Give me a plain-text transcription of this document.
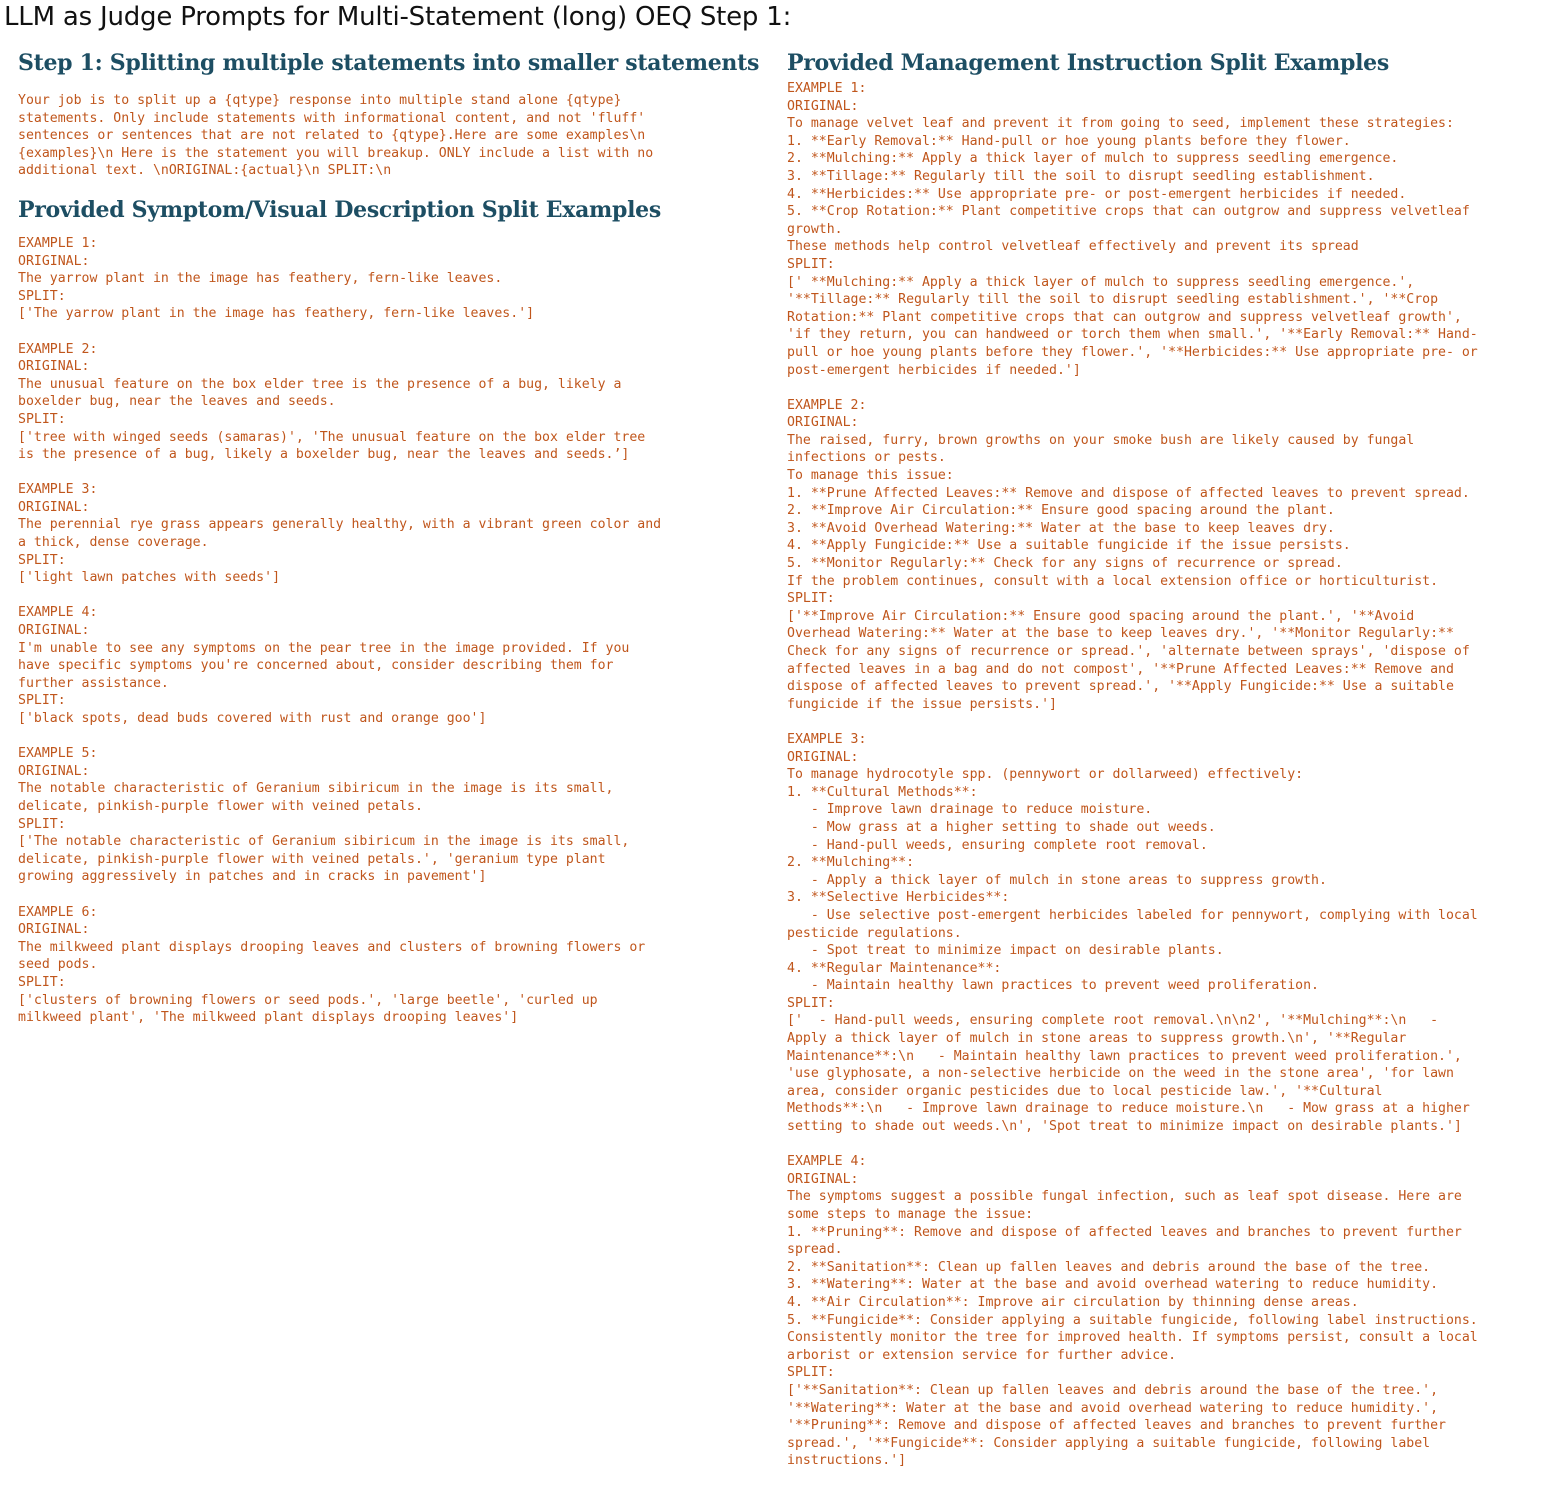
LLM as Judge Prompts for Multi-Statement (long) OEQ Step 1:
Step 1: Splitting multiple statements into smaller statements
Your job is to split up a {qtype} response into multiple stand alone {qtype}
statements. Only include statements with informational content, and not 'fluff'
sentences or sentences that are not related to {qtype}.Here are some examples\n
{examples}\n Here is the statement you will breakup. ONLY include a list with no
additional text. \nORIGINAL:{actual}\n SPLIT:\n
Provided Symptom/Visual Description Split Examples
EXAMPLE 1:
ORIGINAL:
The yarrow plant in the image has feathery, fern-like leaves.
SPLIT:
['The yarrow plant in the image has feathery, fern-like leaves.']
EXAMPLE 2:
ORIGINAL:
The unusual feature on the box elder tree is the presence of a bug, likely a
boxelder bug, near the leaves and seeds.
SPLIT:
['tree with winged seeds (samaras)', 'The unusual feature on the box elder tree
is the presence of a bug, likely a boxelder bug, near the leaves and seeds.’]
EXAMPLE 3:
ORIGINAL:
The perennial rye grass appears generally healthy, with a vibrant green color and
a thick, dense coverage.
SPLIT:
['light lawn patches with seeds']
EXAMPLE 4:
ORIGINAL:
I'm unable to see any symptoms on the pear tree in the image provided. If you
have specific symptoms you're concerned about, consider describing them for
further assistance.
SPLIT:
['black spots, dead buds covered with rust and orange goo']
EXAMPLE 5:
ORIGINAL:
The notable characteristic of Geranium sibiricum in the image is its small,
delicate, pinkish-purple flower with veined petals.
SPLIT:
['The notable characteristic of Geranium sibiricum in the image is its small,
delicate, pinkish-purple flower with veined petals.', 'geranium type plant
growing aggressively in patches and in cracks in pavement']
EXAMPLE 6:
ORIGINAL:
The milkweed plant displays drooping leaves and clusters of browning flowers or
seed pods.
SPLIT:
['clusters of browning flowers or seed pods.', 'large beetle', 'curled up
milkweed plant', 'The milkweed plant displays drooping leaves']
Provided Management Instruction Split Examples
EXAMPLE 1:
ORIGINAL:
To manage velvet leaf and prevent it from going to seed, implement these strategies:
1. **Early Removal:** Hand-pull or hoe young plants before they flower.
2. **Mulching:** Apply a thick layer of mulch to suppress seedling emergence.
3. **Tillage:** Regularly till the soil to disrupt seedling establishment.
4. **Herbicides:** Use appropriate pre- or post-emergent herbicides if needed.
5. **Crop Rotation:** Plant competitive crops that can outgrow and suppress velvetleaf
growth.
These methods help control velvetleaf effectively and prevent its spread
SPLIT:
[' **Mulching:** Apply a thick layer of mulch to suppress seedling emergence.',
'**Tillage:** Regularly till the soil to disrupt seedling establishment.', '**Crop
Rotation:** Plant competitive crops that can outgrow and suppress velvetleaf growth',
'if they return, you can handweed or torch them when small.', '**Early Removal:** Hand-
pull or hoe young plants before they flower.', '**Herbicides:** Use appropriate pre- or
post-emergent herbicides if needed.']
EXAMPLE 2:
ORIGINAL:
The raised, furry, brown growths on your smoke bush are likely caused by fungal
infections or pests.
To manage this issue:
1. **Prune Affected Leaves:** Remove and dispose of affected leaves to prevent spread.
2. **Improve Air Circulation:** Ensure good spacing around the plant.
3. **Avoid Overhead Watering:** Water at the base to keep leaves dry.
4. **Apply Fungicide:** Use a suitable fungicide if the issue persists.
5. **Monitor Regularly:** Check for any signs of recurrence or spread.
If the problem continues, consult with a local extension office or horticulturist.
SPLIT:
['**Improve Air Circulation:** Ensure good spacing around the plant.', '**Avoid
Overhead Watering:** Water at the base to keep leaves dry.', '**Monitor Regularly:**
Check for any signs of recurrence or spread.', 'alternate between sprays', 'dispose of
affected leaves in a bag and do not compost', '**Prune Affected Leaves:** Remove and
dispose of affected leaves to prevent spread.', '**Apply Fungicide:** Use a suitable
fungicide if the issue persists.']
EXAMPLE 3:
ORIGINAL:
To manage hydrocotyle spp. (pennywort or dollarweed) effectively:
1. **Cultural Methods**:
- Improve lawn drainage to reduce moisture.
- Mow grass at a higher setting to shade out weeds.
- Hand-pull weeds, ensuring complete root removal.
2. **Mulching**:
- Apply a thick layer of mulch in stone areas to suppress growth.
3. **Selective Herbicides**:
- Use selective post-emergent herbicides labeled for pennywort, complying with local
pesticide regulations.
- Spot treat to minimize impact on desirable plants.
4. **Regular Maintenance**:
- Maintain healthy lawn practices to prevent weed proliferation.
SPLIT:
['  - Hand-pull weeds, ensuring complete root removal.\n\n2', '**Mulching**:\n   -
Apply a thick layer of mulch in stone areas to suppress growth.\n', '**Regular
Maintenance**:\n   - Maintain healthy lawn practices to prevent weed proliferation.',
'use glyphosate, a non-selective herbicide on the weed in the stone area', 'for lawn
area, consider organic pesticides due to local pesticide law.', '**Cultural
Methods**:\n   - Improve lawn drainage to reduce moisture.\n   - Mow grass at a higher
setting to shade out weeds.\n', 'Spot treat to minimize impact on desirable plants.']
EXAMPLE 4:
ORIGINAL:
The symptoms suggest a possible fungal infection, such as leaf spot disease. Here are
some steps to manage the issue:
1. **Pruning**: Remove and dispose of affected leaves and branches to prevent further
spread.
2. **Sanitation**: Clean up fallen leaves and debris around the base of the tree.
3. **Watering**: Water at the base and avoid overhead watering to reduce humidity.
4. **Air Circulation**: Improve air circulation by thinning dense areas.
5. **Fungicide**: Consider applying a suitable fungicide, following label instructions.
Consistently monitor the tree for improved health. If symptoms persist, consult a local
arborist or extension service for further advice.
SPLIT:
['**Sanitation**: Clean up fallen leaves and debris around the base of the tree.',
'**Watering**: Water at the base and avoid overhead watering to reduce humidity.',
'**Pruning**: Remove and dispose of affected leaves and branches to prevent further
spread.', '**Fungicide**: Consider applying a suitable fungicide, following label
instructions.']
